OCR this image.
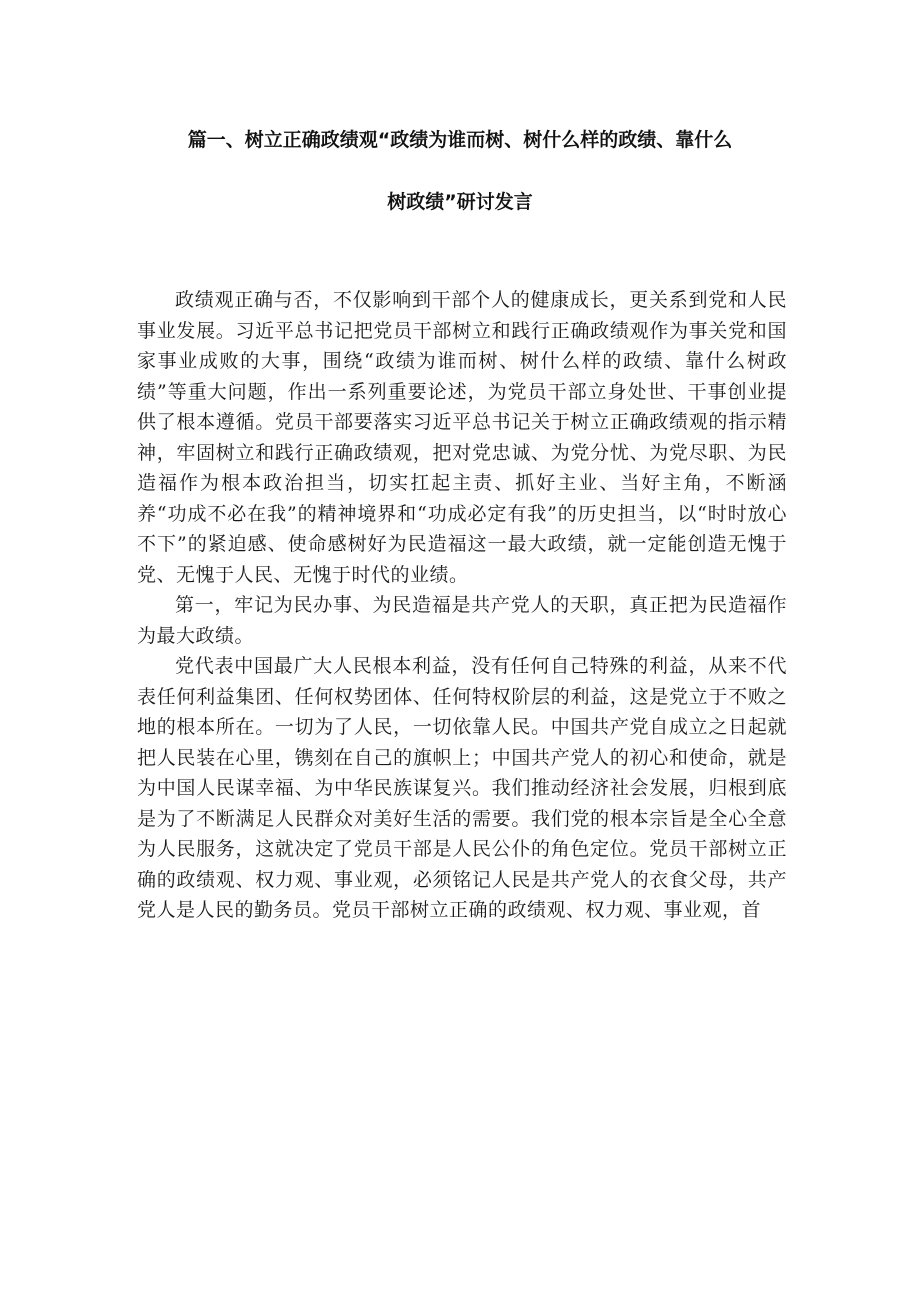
篇一、树立正确政绩观“政绩为谁而树、树什么样的政绩、靠什么
树政绩”研讨发言

政绩观正确与否，不仅影响到干部个人的健康成长，更关系到党和人民事业发展。习近平总书记把党员干部树立和践行正确政绩观作为事关党和国家事业成败的大事，围绕“政绩为谁而树、树什么样的政绩、靠什么树政绩”等重大问题，作出一系列重要论述，为党员干部立身处世、干事创业提供了根本遵循。党员干部要落实习近平总书记关于树立正确政绩观的指示精神，牢固树立和践行正确政绩观，把对党忠诚、为党分忧、为党尽职、为民造福作为根本政治担当，切实扛起主责、抓好主业、当好主角，不断涵养“功成不必在我”的精神境界和“功成必定有我”的历史担当，以“时时放心不下”的紧迫感、使命感树好为民造福这一最大政绩，就一定能创造无愧于党、无愧于人民、无愧于时代的业绩。

第一，牢记为民办事、为民造福是共产党人的天职，真正把为民造福作为最大政绩。

党代表中国最广大人民根本利益，没有任何自己特殊的利益，从来不代表任何利益集团、任何权势团体、任何特权阶层的利益，这是党立于不败之地的根本所在。一切为了人民，一切依靠人民。中国共产党自成立之日起就把人民装在心里，镌刻在自己的旗帜上；中国共产党人的初心和使命，就是为中国人民谋幸福、为中华民族谋复兴。我们推动经济社会发展，归根到底是为了不断满足人民群众对美好生活的需要。我们党的根本宗旨是全心全意为人民服务，这就决定了党员干部是人民公仆的角色定位。党员干部树立正确的政绩观、权力观、事业观，必须铭记人民是共产党人的衣食父母，共产党人是人民的勤务员。党员干部树立正确的政绩观、权力观、事业观，首
